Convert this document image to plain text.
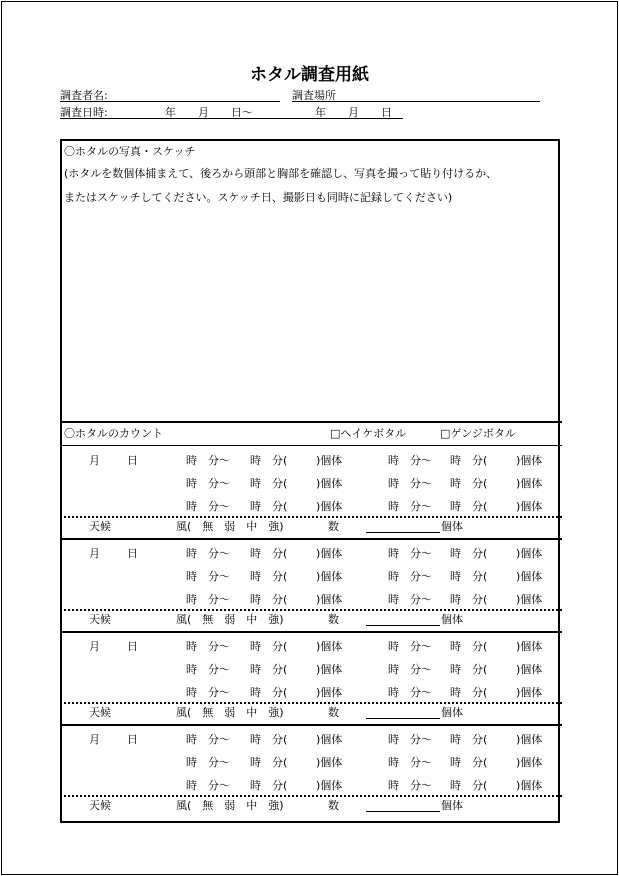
ホタル調査用紙
調査者名:	調査場所
調査日時:	年　　月　　日〜	年　　月　　日
〇ホタルの写真・スケッチ
(ホタルを数個体捕まえて、後ろから頭部と胸部を確認し、写真を撮って貼り付けるか、
またはスケッチしてください。スケッチ日、撮影日も同時に記録してください)
〇ホタルのカウント	□ヘイケボタル	□ゲンジボタル
月 日	時　分〜 時　分(	)個体	時　分〜 時　分(	)個体
時　分〜 時　分(	)個体	時　分〜 時　分(	)個体
時　分〜 時　分(	)個体	時　分〜 時　分(	)個体
天候	風(　無　弱　中　強)	数	個体
月 日	時　分〜 時　分(	)個体	時　分〜 時　分(	)個体
時　分〜 時　分(	)個体	時　分〜 時　分(	)個体
時　分〜 時　分(	)個体	時　分〜 時　分(	)個体
天候	風(　無　弱　中　強)	数	個体
月 日	時　分〜 時　分(	)個体	時　分〜 時　分(	)個体
時　分〜 時　分(	)個体	時　分〜 時　分(	)個体
時　分〜 時　分(	)個体	時　分〜 時　分(	)個体
天候	風(　無　弱　中　強)	数	個体
月 日	時　分〜 時　分(	)個体	時　分〜 時　分(	)個体
時　分〜 時　分(	)個体	時　分〜 時　分(	)個体
時　分〜 時　分(	)個体	時　分〜 時　分(	)個体
天候	風(　無　弱　中　強)	数	個体
